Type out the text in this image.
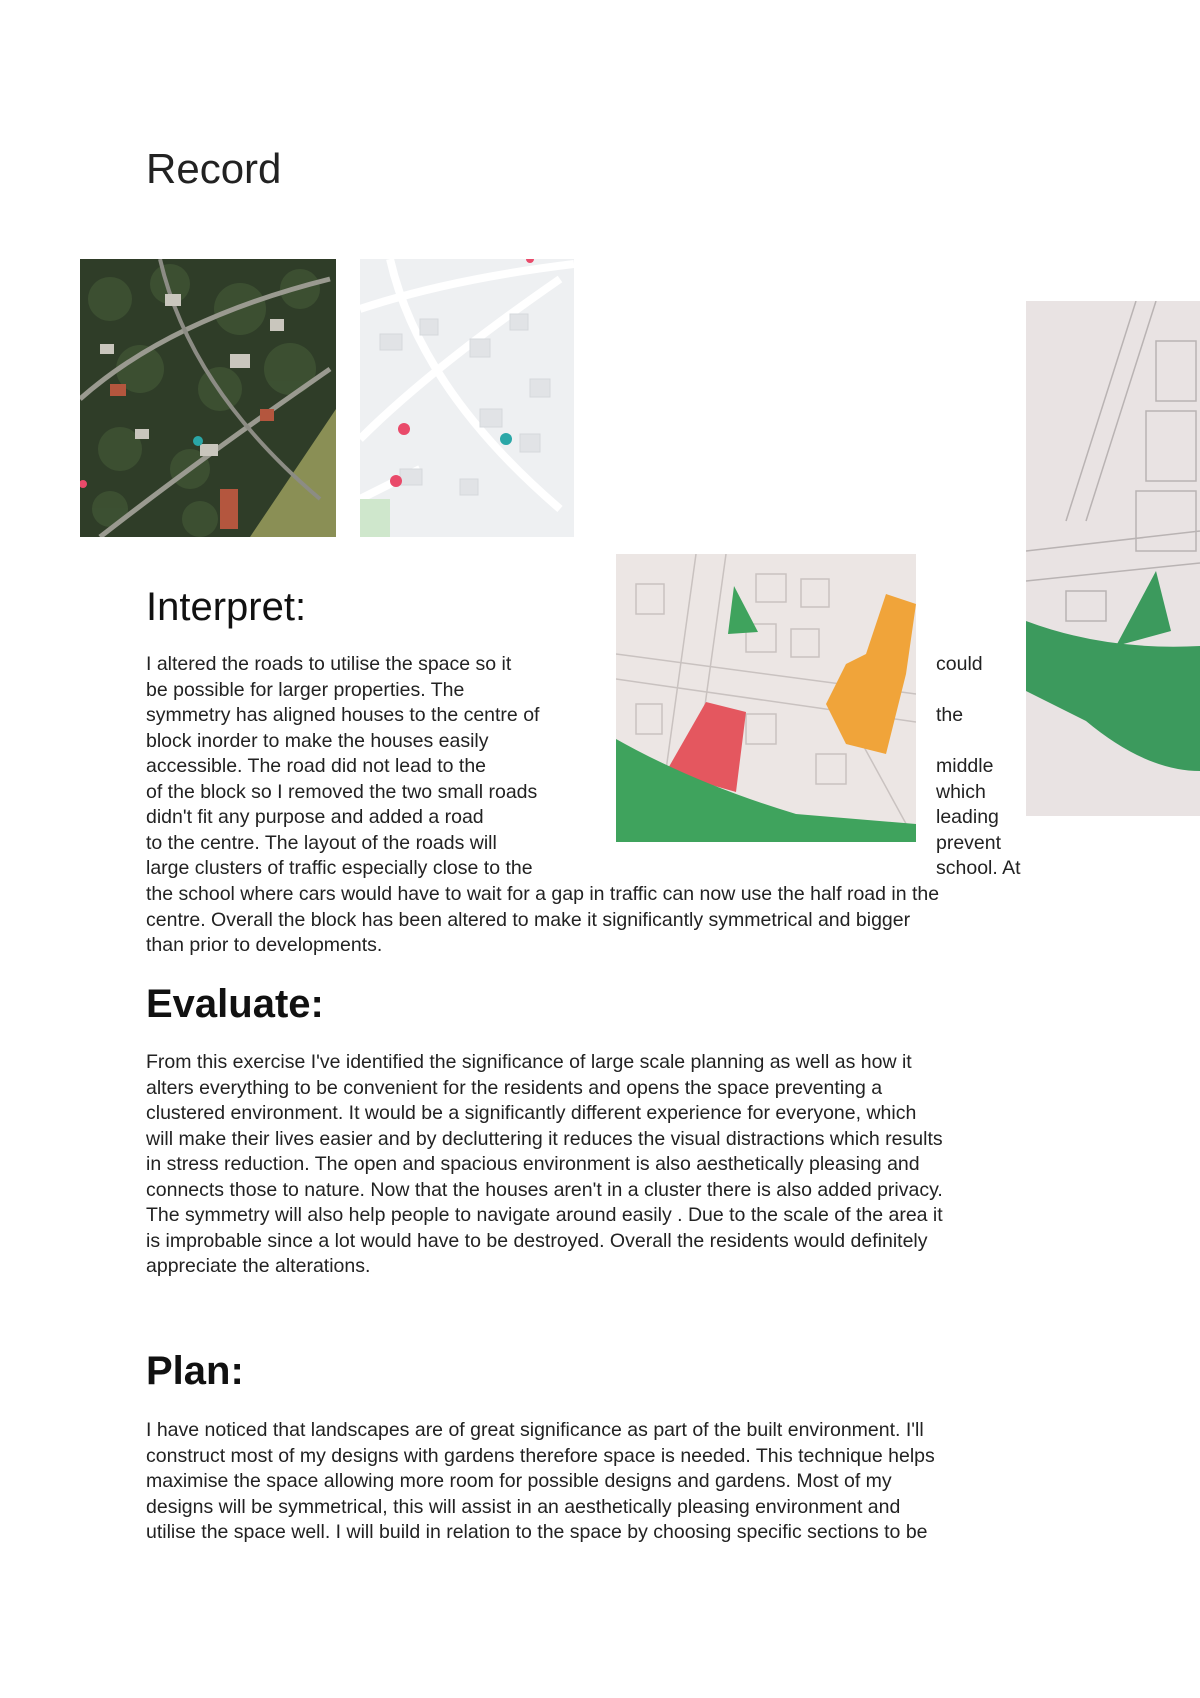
Record
Interpret:
I altered the roads to utilise the space so it
be possible for larger properties. The
symmetry has aligned houses to the centre of
block inorder to make the houses easily
accessible. The road did not lead to the
of the block so I removed the two small roads
didn't fit any purpose and added a road
to the centre. The layout of the roads will
large clusters of traffic especially close to the
could

the

middle
which
leading
prevent
school. At
the school where cars would have to wait for a gap in traffic can now use the half road in the
centre. Overall the block has been altered to make it significantly symmetrical and bigger
than prior to developments.
Evaluate:
From this exercise I've identified the significance of large scale planning as well as how it
alters everything to be convenient for the residents and opens the space preventing a
clustered environment. It would be a significantly different experience for everyone, which
will make their lives easier and by decluttering it reduces the visual distractions which results
in stress reduction. The open and spacious environment is also aesthetically pleasing and
connects those to nature. Now that the houses aren't in a cluster there is also added privacy.
The symmetry will also help people to navigate around easily . Due to the scale of the area it
is improbable since a lot would have to be destroyed. Overall the residents would definitely
appreciate the alterations.
Plan:
I have noticed that landscapes are of great significance as part of the built environment. I'll
construct most of my designs with gardens therefore space is needed. This technique helps
maximise the space allowing more room for possible designs and gardens. Most of my
designs will be symmetrical, this will assist in an aesthetically pleasing environment and
utilise the space well. I will build in relation to the space by choosing specific sections to be
